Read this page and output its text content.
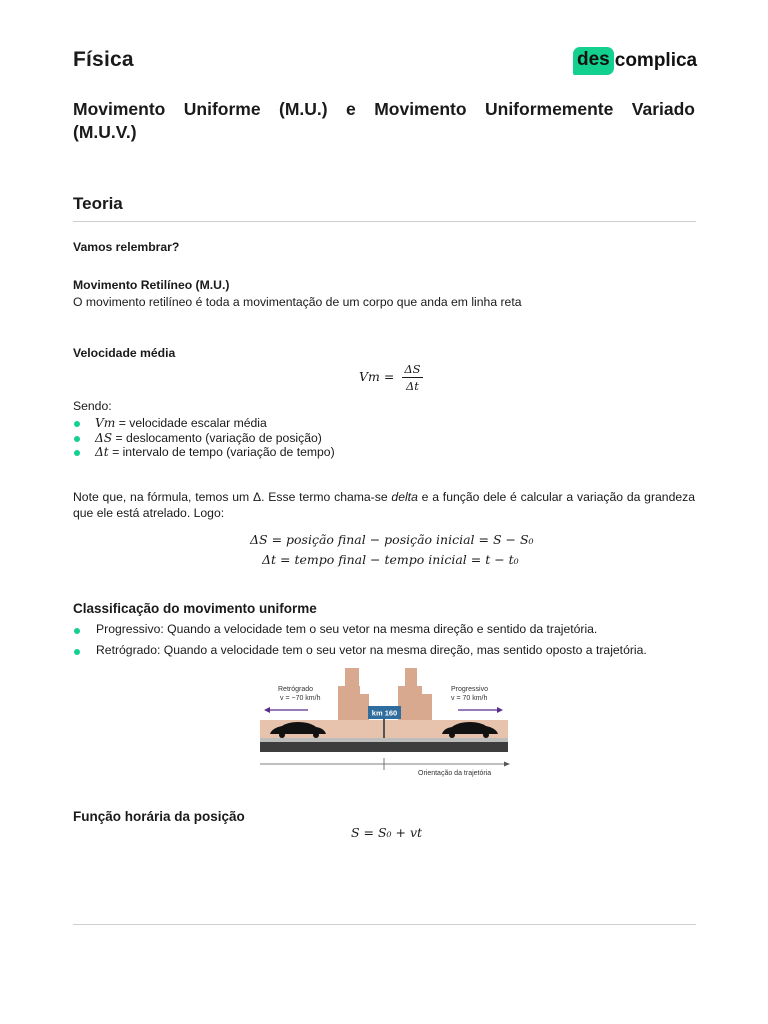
Física	des complica
Movimento Uniforme (M.U.) e Movimento Uniformemente Variado
(M.U.V.)
Teoria
Vamos relembrar?
Movimento Retilíneo (M.U.)
O movimento retilíneo é toda a movimentação de um corpo que anda em linha reta
Velocidade média
$Vm = \frac{\Delta S}{\Delta t}$
Sendo:
Vm = velocidade escalar média
ΔS = deslocamento (variação de posição)
Δt = intervalo de tempo (variação de tempo)
Note que, na fórmula, temos um Δ. Esse termo chama-se delta e a função dele é calcular a variação da grandeza que ele está atrelado. Logo:
ΔS = posição final − posição inicial = S − S₀
Δt = tempo final − tempo inicial = t − t₀
Classificação do movimento uniforme
Progressivo: Quando a velocidade tem o seu vetor na mesma direção e sentido da trajetória.
Retrógrado: Quando a velocidade tem o seu vetor na mesma direção, mas sentido oposto a trajetória.
km 160
Retrógrado
v = −70 km/h
Progressivo
v = 70 km/h
Orientação da trajetória
Função horária da posição
S = S₀ + vt
